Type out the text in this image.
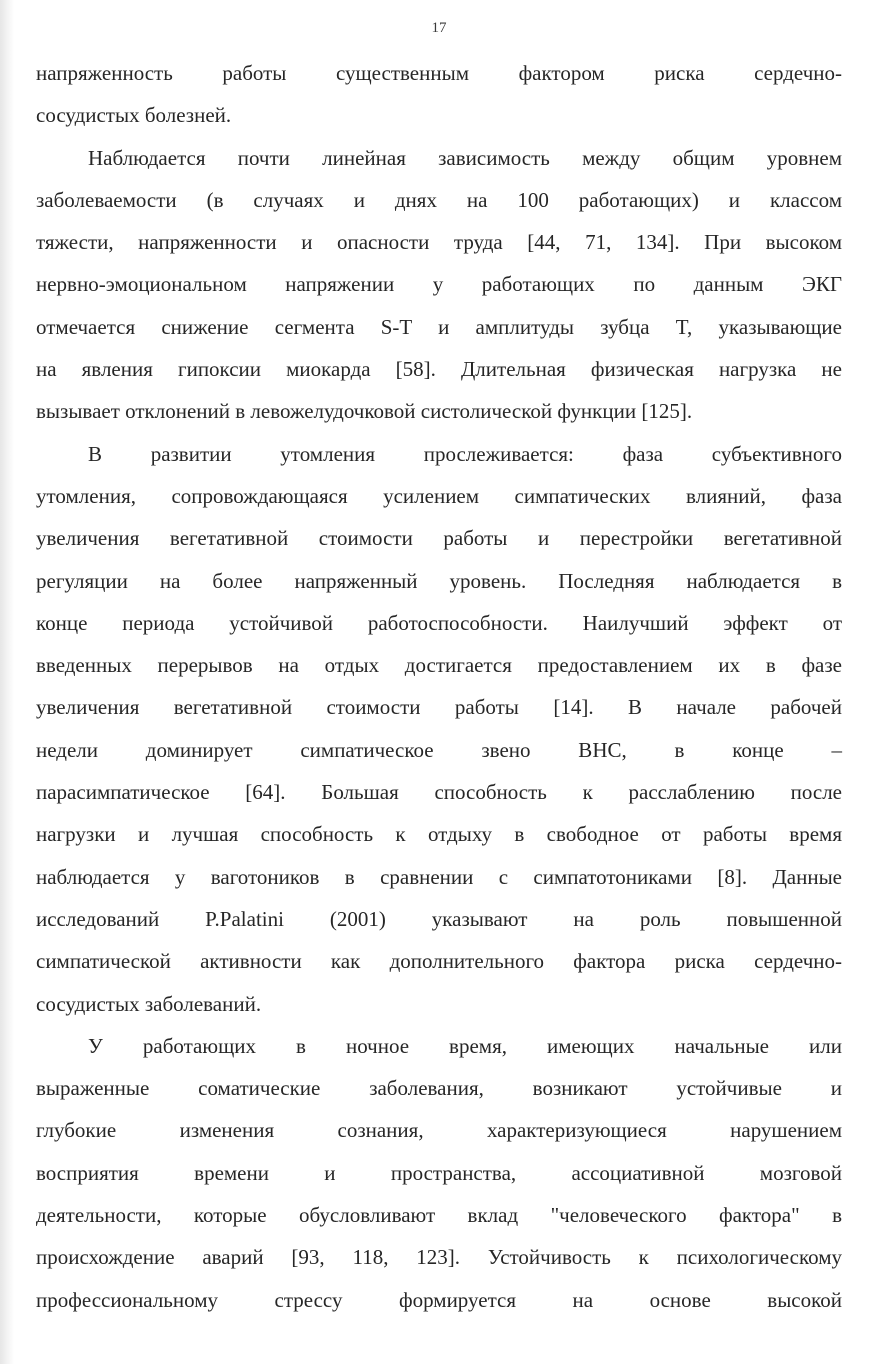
17

напряженность работы существенным фактором риска сердечно-

сосудистых болезней.

Наблюдается почти линейная зависимость между общим уровнем

заболеваемости (в случаях и днях на 100 работающих) и классом

тяжести, напряженности и опасности труда [44, 71, 134]. При высоком

нервно-эмоциональном напряжении у работающих по данным ЭКГ

отмечается снижение сегмента S-T и амплитуды зубца T, указывающие

на явления гипоксии миокарда [58]. Длительная физическая нагрузка не

вызывает отклонений в левожелудочковой систолической функции [125].

В развитии утомления прослеживается: фаза субъективного

утомления, сопровождающаяся усилением симпатических влияний, фаза

увеличения вегетативной стоимости работы и перестройки вегетативной

регуляции на более напряженный уровень. Последняя наблюдается в

конце периода устойчивой работоспособности. Наилучший эффект от

введенных перерывов на отдых достигается предоставлением их в фазе

увеличения вегетативной стоимости работы [14]. В начале рабочей

недели доминирует симпатическое звено ВНС, в конце –

парасимпатическое [64]. Большая способность к расслаблению после

нагрузки и лучшая способность к отдыху в свободное от работы время

наблюдается у ваготоников в сравнении с симпатотониками [8]. Данные

исследований P.Palatini (2001) указывают на роль повышенной

симпатической активности как дополнительного фактора риска сердечно-

сосудистых заболеваний.

У работающих в ночное время, имеющих начальные или

выраженные соматические заболевания, возникают устойчивые и

глубокие изменения сознания, характеризующиеся нарушением

восприятия времени и пространства, ассоциативной мозговой

деятельности, которые обусловливают вклад "человеческого фактора" в

происхождение аварий [93, 118, 123]. Устойчивость к психологическому

профессиональному стрессу формируется на основе высокой
